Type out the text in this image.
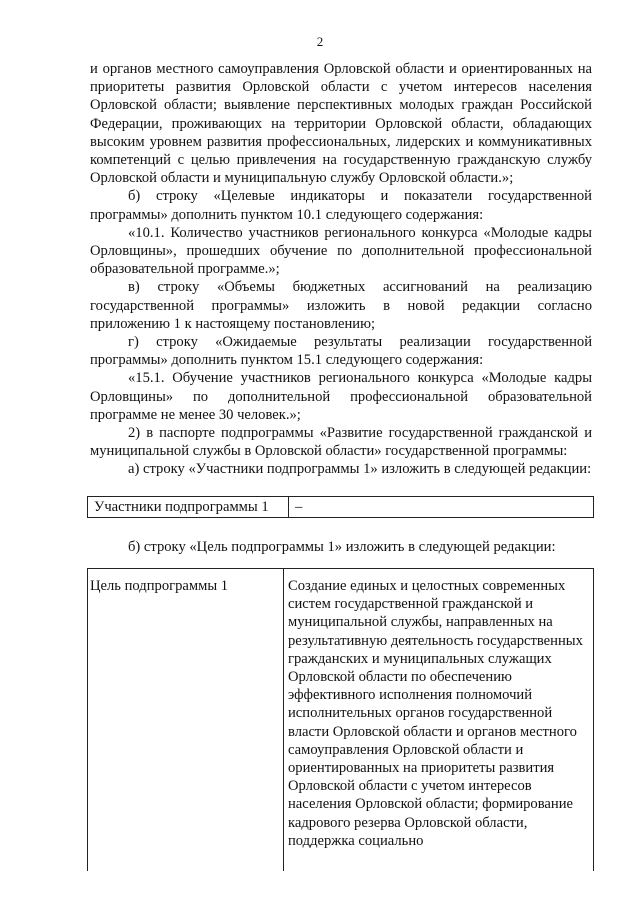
2

и органов местного самоуправления Орловской области и ориентированных на приоритеты развития Орловской области с учетом интересов населения Орловской области; выявление перспективных молодых граждан Российской Федерации, проживающих на территории Орловской области, обладающих высоким уровнем развития профессиональных, лидерских и коммуникативных компетенций с целью привлечения на государственную гражданскую службу Орловской области и муниципальную службу Орловской области.»;

б) строку «Целевые индикаторы и показатели государственной программы» дополнить пунктом 10.1 следующего содержания:

«10.1. Количество участников регионального конкурса «Молодые кадры Орловщины», прошедших обучение по дополнительной профессиональной образовательной программе.»;

в) строку «Объемы бюджетных ассигнований на реализацию государственной программы» изложить в новой редакции согласно приложению 1 к настоящему постановлению;

г) строку «Ожидаемые результаты реализации государственной программы» дополнить пунктом 15.1 следующего содержания:

«15.1. Обучение участников регионального конкурса «Молодые кадры Орловщины» по дополнительной профессиональной образовательной программе не менее 30 человек.»;

2) в паспорте подпрограммы «Развитие государственной гражданской и муниципальной службы в Орловской области» государственной программы:

а) строку «Участники подпрограммы 1» изложить в следующей редакции:

Участники подпрограммы 1	–
б) строку «Цель подпрограммы 1» изложить в следующей редакции:
Цель подпрограммы 1	Создание единых и целостных современных систем государственной гражданской и муниципальной службы, направленных на результативную деятельность государственных гражданских и муниципальных служащих Орловской области по обеспечению эффективного исполнения полномочий исполнительных органов государственной власти Орловской области и органов местного самоуправления Орловской области и ориентированных на приоритеты развития Орловской области с учетом интересов населения Орловской области; формирование кадрового резерва Орловской области, поддержка социально
